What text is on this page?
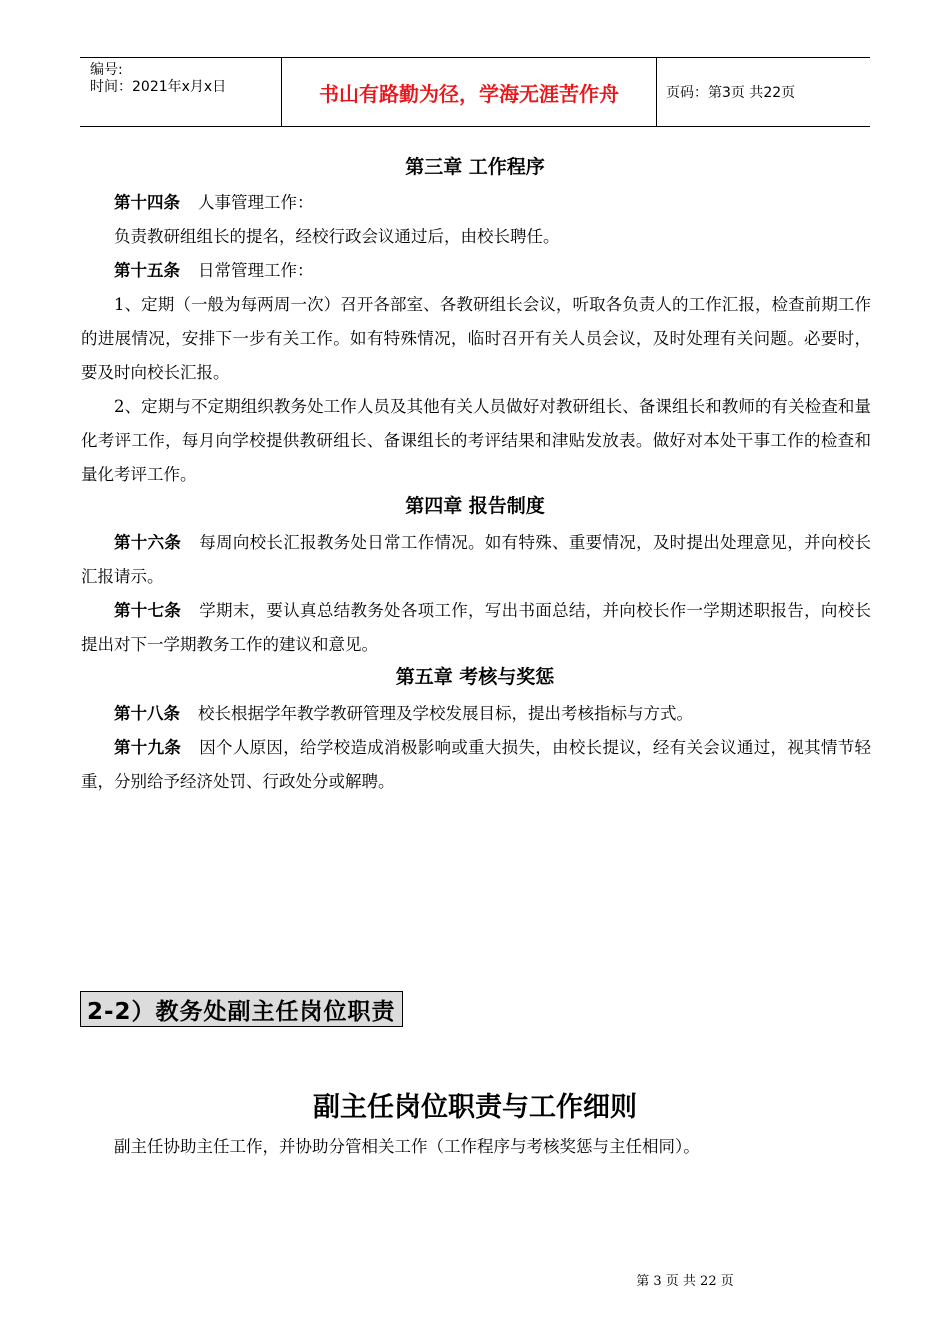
编号:
时间：2021年x月x日	书山有路勤为径，学海无涯苦作舟	页码：第3页 共22页
第三章 工作程序
第十四条 人事管理工作：
负责教研组组长的提名，经校行政会议通过后，由校长聘任。
第十五条 日常管理工作：
1、定期（一般为每两周一次）召开各部室、各教研组长会议，听取各负责人的工作汇报，检查前期工作的进展情况，安排下一步有关工作。如有特殊情况，临时召开有关人员会议，及时处理有关问题。必要时，要及时向校长汇报。
2、定期与不定期组织教务处工作人员及其他有关人员做好对教研组长、备课组长和教师的有关检查和量化考评工作，每月向学校提供教研组长、备课组长的考评结果和津贴发放表。做好对本处干事工作的检查和量化考评工作。
第四章 报告制度
第十六条 每周向校长汇报教务处日常工作情况。如有特殊、重要情况，及时提出处理意见，并向校长汇报请示。
第十七条 学期末，要认真总结教务处各项工作，写出书面总结，并向校长作一学期述职报告，向校长提出对下一学期教务工作的建议和意见。
第五章 考核与奖惩
第十八条 校长根据学年教学教研管理及学校发展目标，提出考核指标与方式。
第十九条 因个人原因，给学校造成消极影响或重大损失，由校长提议，经有关会议通过，视其情节轻重，分别给予经济处罚、行政处分或解聘。
2-2）教务处副主任岗位职责
副主任岗位职责与工作细则
副主任协助主任工作，并协助分管相关工作（工作程序与考核奖惩与主任相同）。
第 3 页 共 22 页
